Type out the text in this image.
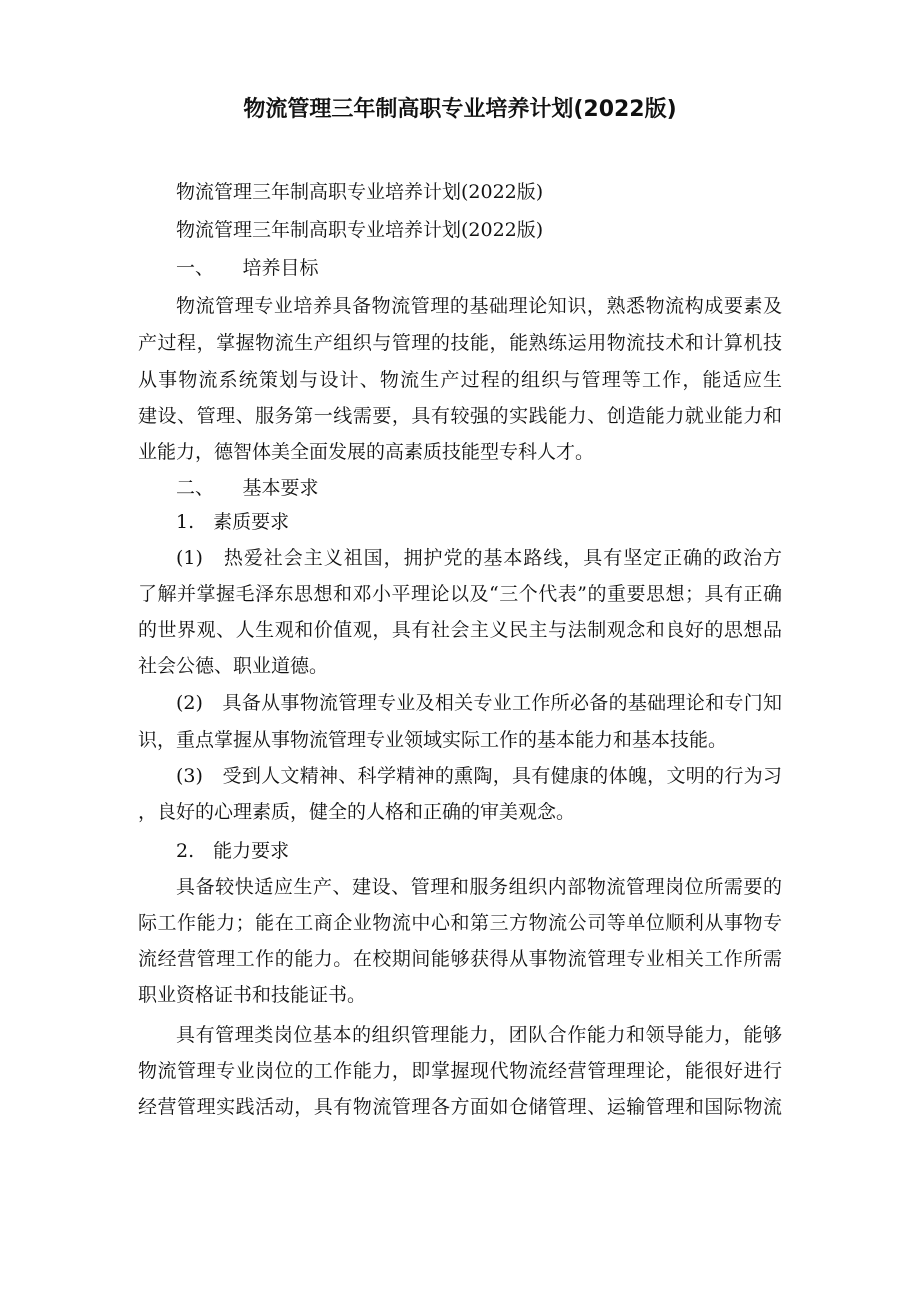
物流管理三年制高职专业培养计划(2022版)
物流管理三年制高职专业培养计划(2022版)
物流管理三年制高职专业培养计划(2022版)
一、　　培养目标
物流管理专业培养具备物流管理的基础理论知识，熟悉物流构成要素及
产过程，掌握物流生产组织与管理的技能，能熟练运用物流技术和计算机技
从事物流系统策划与设计、物流生产过程的组织与管理等工作，能适应生
建设、管理、服务第一线需要，具有较强的实践能力、创造能力就业能力和
业能力，德智体美全面发展的高素质技能型专科人才。
二、　　基本要求
1.　素质要求
(1)　热爱社会主义祖国，拥护党的基本路线，具有坚定正确的政治方
了解并掌握毛泽东思想和邓小平理论以及“三个代表”的重要思想；具有正确
的世界观、人生观和价值观，具有社会主义民主与法制观念和良好的思想品
社会公德、职业道德。
(2)　具备从事物流管理专业及相关专业工作所必备的基础理论和专门知
识，重点掌握从事物流管理专业领域实际工作的基本能力和基本技能。
(3)　受到人文精神、科学精神的熏陶，具有健康的体魄，文明的行为习
，良好的心理素质，健全的人格和正确的审美观念。
2.　能力要求
具备较快适应生产、建设、管理和服务组织内部物流管理岗位所需要的
际工作能力；能在工商企业物流中心和第三方物流公司等单位顺利从事物专
流经营管理工作的能力。在校期间能够获得从事物流管理专业相关工作所需
职业资格证书和技能证书。
具有管理类岗位基本的组织管理能力，团队合作能力和领导能力，能够
物流管理专业岗位的工作能力，即掌握现代物流经营管理理论，能很好进行
经营管理实践活动，具有物流管理各方面如仓储管理、运输管理和国际物流
